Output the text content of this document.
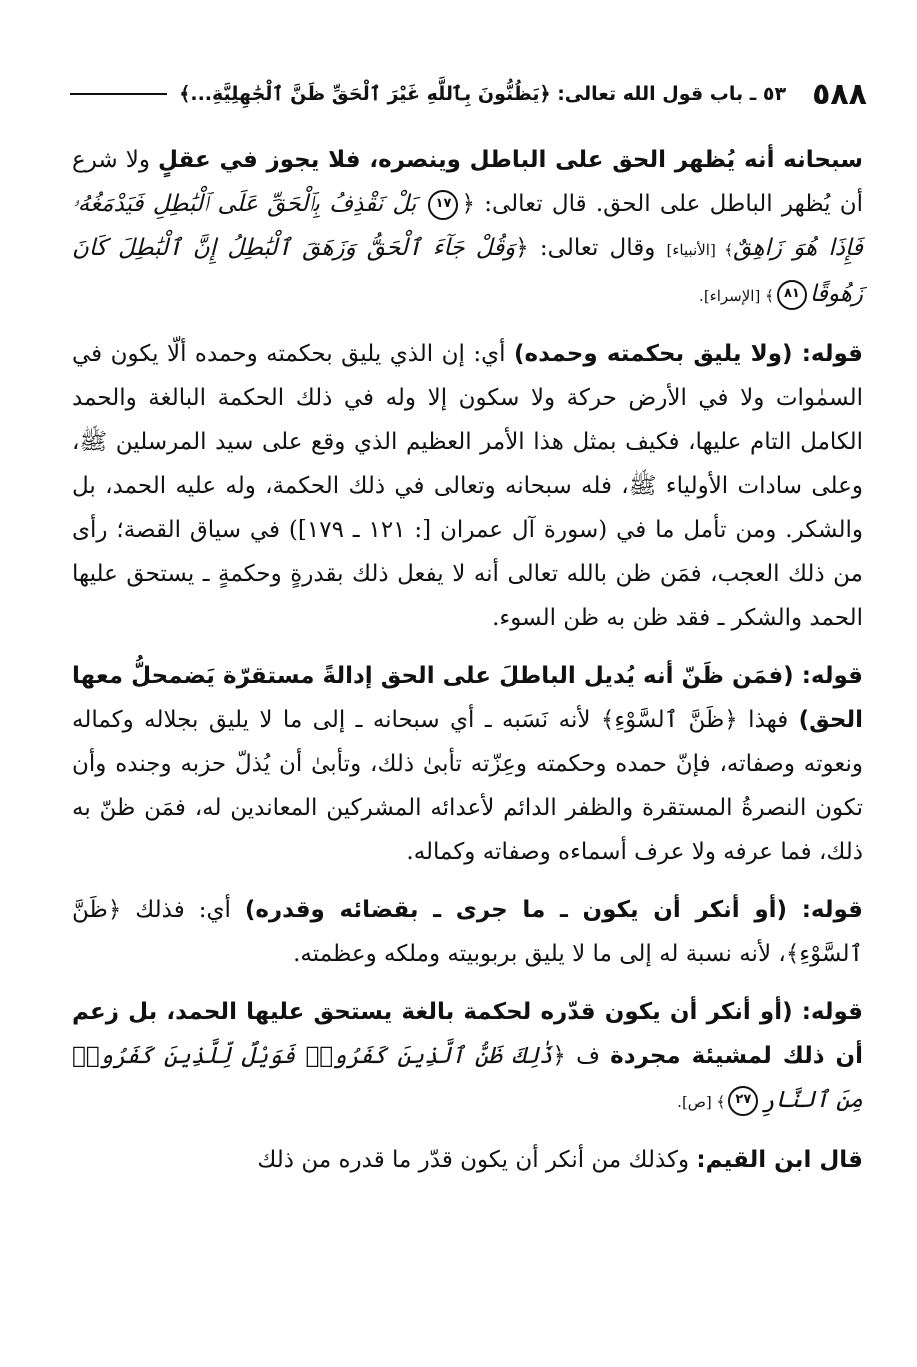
٥٨٨
٥٣ ـ باب قول الله تعالى: ﴿يَظُنُّونَ بِٱللَّهِ غَيْرَ ٱلْحَقِّ ظَنَّ ٱلْجَٰهِلِيَّةِ...﴾

سبحانه أنه يُظهر الحق على الباطل وينصره، فلا يجوز في عقلٍ ولا شرع أن يُظهر الباطل على الحق. قال تعالى: ﴿١٧ بَلْ نَقْذِفُ بِٱلْحَقِّ عَلَى ٱلْبَٰطِلِ فَيَدْمَغُهُۥ فَإِذَا هُوَ زَاهِقٌ﴾ [الأنبياء] وقال تعالى: ﴿وَقُلْ جَآءَ ٱلْحَقُّ وَزَهَقَ ٱلْبَٰطِلُ إِنَّ ٱلْبَٰطِلَ كَانَ زَهُوقًا٨١﴾ [الإسراء].

قوله: (ولا يليق بحكمته وحمده) أي: إن الذي يليق بحكمته وحمده ألّا يكون في السمٰوات ولا في الأرض حركة ولا سكون إلا وله في ذلك الحكمة البالغة والحمد الكامل التام عليها، فكيف بمثل هذا الأمر العظيم الذي وقع على سيد المرسلين ﷺ، وعلى سادات الأولياء ﷺ، فله سبحانه وتعالى في ذلك الحكمة، وله عليه الحمد، بل والشكر. ومن تأمل ما في (سورة آل عمران [: ١٢١ ـ ١٧٩]) في سياق القصة؛ رأى من ذلك العجب، فمَن ظن بالله تعالى أنه لا يفعل ذلك بقدرةٍ وحكمةٍ ـ يستحق عليها الحمد والشكر ـ فقد ظن به ظن السوء.

قوله: (فمَن ظَنّ أنه يُديل الباطلَ على الحق إدالةً مستقرّة يَضمحلُّ معها الحق) فهذا ﴿ظَنَّ ٱلسَّوْءِ﴾ لأنه نَسَبه ـ أي سبحانه ـ إلى ما لا يليق بجلاله وكماله ونعوته وصفاته، فإنّ حمده وحكمته وعِزّته تأبىٰ ذلك، وتأبىٰ أن يُذلّ حزبه وجنده وأن تكون النصرةُ المستقرة والظفر الدائم لأعدائه المشركين المعاندين له، فمَن ظنّ به ذلك، فما عرفه ولا عرف أسماءه وصفاته وكماله.

قوله: (أو أنكر أن يكون ـ ما جرى ـ بقضائه وقدره) أي: فذلك ﴿ظَنَّ ٱلسَّوْءِ﴾، لأنه نسبة له إلى ما لا يليق بربوبيته وملكه وعظمته.

قوله: (أو أنكر أن يكون قدّره لحكمة بالغة يستحق عليها الحمد، بل زعم أن ذلك لمشيئة مجردة ف ﴿ذَٰلِكَ ظَنُّ ٱلَّذِينَ كَفَرُوا۟ فَوَيْلٌ لِّلَّذِينَ كَفَرُوا۟ مِنَ ٱلنَّارِ٢٧﴾ [ص].

قال ابن القيم: وكذلك من أنكر أن يكون قدّر ما قدره من ذلك
